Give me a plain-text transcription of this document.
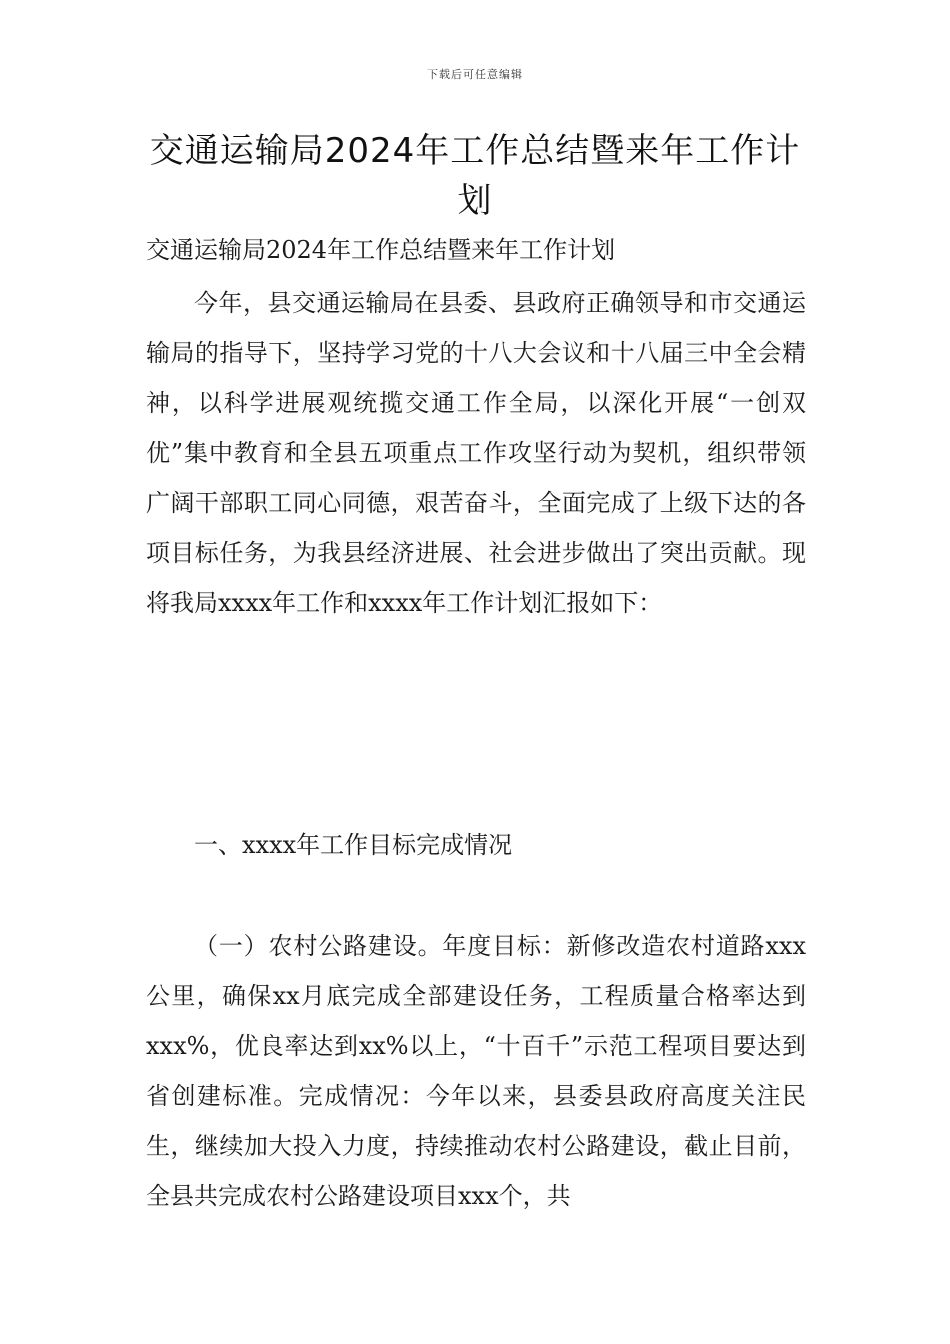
下载后可任意编辑
交通运输局2024年工作总结暨来年工作计划
交通运输局2024年工作总结暨来年工作计划
今年，县交通运输局在县委、县政府正确领导和市交通运输局的指导下，坚持学习党的十八大会议和十八届三中全会精神，以科学进展观统揽交通工作全局，以深化开展“一创双优”集中教育和全县五项重点工作攻坚行动为契机，组织带领广阔干部职工同心同德，艰苦奋斗，全面完成了上级下达的各项目标任务，为我县经济进展、社会进步做出了突出贡献。现将我局xxxx年工作和xxxx年工作计划汇报如下：
一、xxxx年工作目标完成情况
（一）农村公路建设。年度目标：新修改造农村道路xxx公里，确保xx月底完成全部建设任务，工程质量合格率达到xxx%，优良率达到xx%以上，“十百千”示范工程项目要达到省创建标准。完成情况：今年以来，县委县政府高度关注民生，继续加大投入力度，持续推动农村公路建设，截止目前，全县共完成农村公路建设项目xxx个，共
